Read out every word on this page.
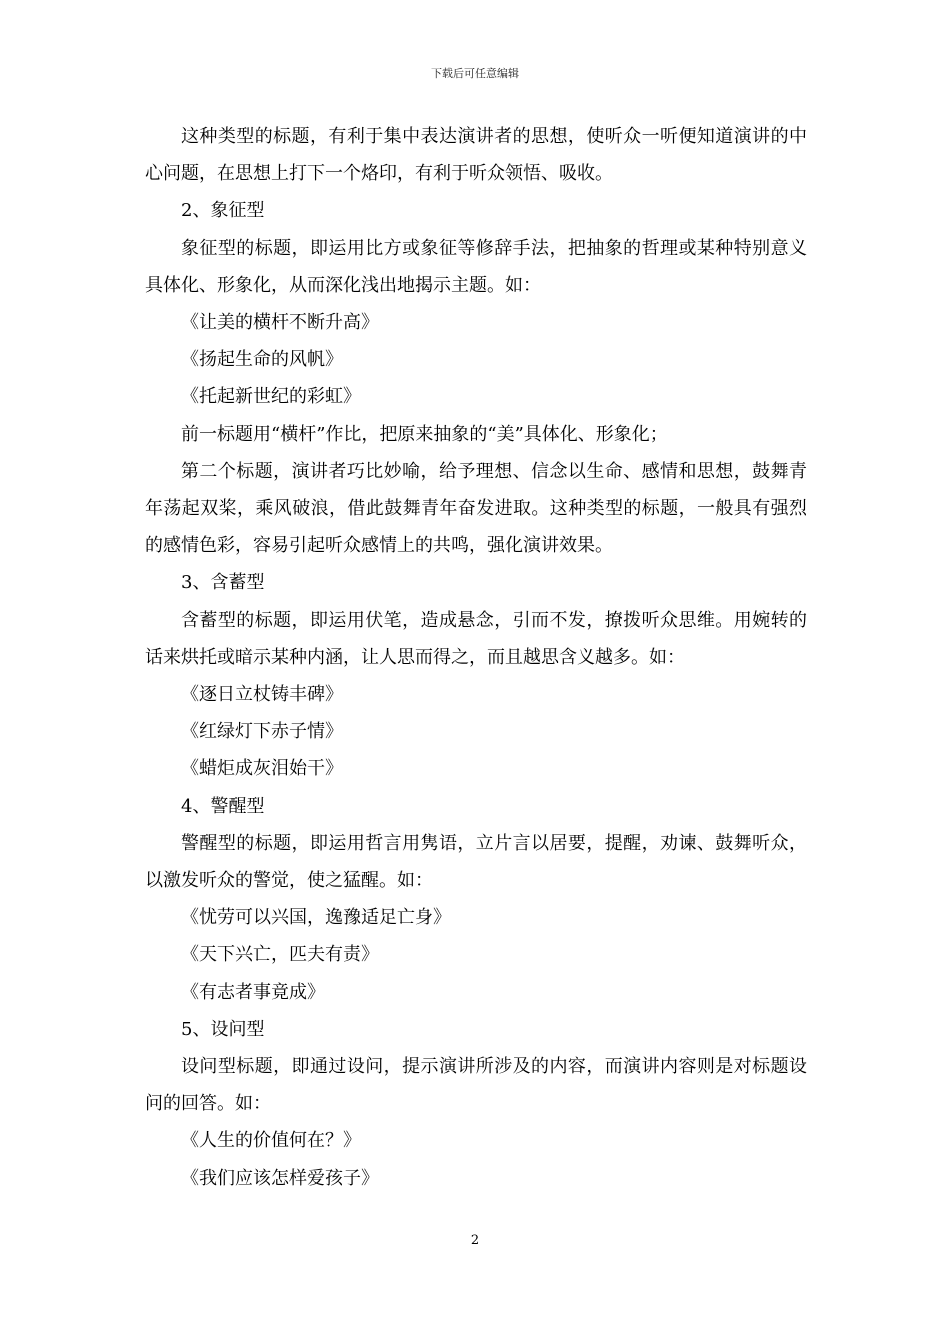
下载后可任意编辑

这种类型的标题，有利于集中表达演讲者的思想，使听众一听便知道演讲的中心问题，在思想上打下一个烙印，有利于听众领悟、吸收。

2、象征型

象征型的标题，即运用比方或象征等修辞手法，把抽象的哲理或某种特别意义具体化、形象化，从而深化浅出地揭示主题。如：

《让美的横杆不断升高》

《扬起生命的风帆》

《托起新世纪的彩虹》

前一标题用“横杆”作比，把原来抽象的“美”具体化、形象化；

第二个标题，演讲者巧比妙喻，给予理想、信念以生命、感情和思想，鼓舞青年荡起双桨，乘风破浪，借此鼓舞青年奋发进取。这种类型的标题，一般具有强烈的感情色彩，容易引起听众感情上的共鸣，强化演讲效果。

3、含蓄型

含蓄型的标题，即运用伏笔，造成悬念，引而不发，撩拨听众思维。用婉转的话来烘托或暗示某种内涵，让人思而得之，而且越思含义越多。如：

《逐日立杖铸丰碑》

《红绿灯下赤子情》

《蜡炬成灰泪始干》

4、警醒型

警醒型的标题，即运用哲言用隽语，立片言以居要，提醒，劝谏、鼓舞听众，以激发听众的警觉，使之猛醒。如：

《忧劳可以兴国，逸豫适足亡身》

《天下兴亡，匹夫有责》

《有志者事竟成》

5、设问型

设问型标题，即通过设问，提示演讲所涉及的内容，而演讲内容则是对标题设问的回答。如：

《人生的价值何在？》

《我们应该怎样爱孩子》

2
